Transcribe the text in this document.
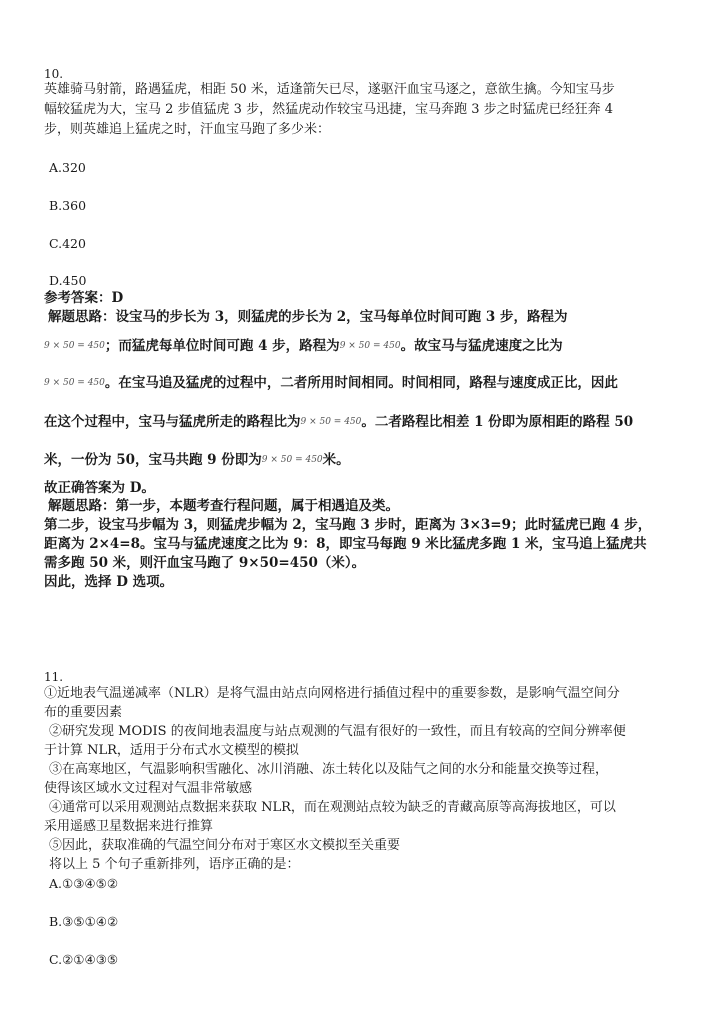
10.
英雄骑马射箭，路遇猛虎，相距 50 米，适逢箭矢已尽，遂驱汗血宝马逐之，意欲生擒。今知宝马步
幅较猛虎为大，宝马 2 步值猛虎 3 步，然猛虎动作较宝马迅捷，宝马奔跑 3 步之时猛虎已经狂奔 4
步，则英雄追上猛虎之时，汗血宝马跑了多少米：
A.320
B.360
C.420
D.450
参考答案：D
解题思路：设宝马的步长为 3，则猛虎的步长为 2，宝马每单位时间可跑 3 步，路程为
9 × 50 = 450；而猛虎每单位时间可跑 4 步，路程为9 × 50 = 450。故宝马与猛虎速度之比为
9 × 50 = 450。在宝马追及猛虎的过程中，二者所用时间相同。时间相同，路程与速度成正比，因此
在这个过程中，宝马与猛虎所走的路程比为9 × 50 = 450。二者路程比相差 1 份即为原相距的路程 50
米，一份为 50，宝马共跑 9 份即为9 × 50 = 450米。
故正确答案为 D。
解题思路：第一步，本题考查行程问题，属于相遇追及类。
第二步，设宝马步幅为 3，则猛虎步幅为 2，宝马跑 3 步时，距离为 3×3=9；此时猛虎已跑 4 步，
距离为 2×4=8。宝马与猛虎速度之比为 9：8，即宝马每跑 9 米比猛虎多跑 1 米，宝马追上猛虎共
需多跑 50 米，则汗血宝马跑了 9×50=450（米）。
因此，选择 D 选项。
11.
①近地表气温递减率（NLR）是将气温由站点向网格进行插值过程中的重要参数，是影响气温空间分
布的重要因素
②研究发现 MODIS 的夜间地表温度与站点观测的气温有很好的一致性，而且有较高的空间分辨率便
于计算 NLR，适用于分布式水文模型的模拟
③在高寒地区，气温影响积雪融化、冰川消融、冻土转化以及陆气之间的水分和能量交换等过程，
使得该区域水文过程对气温非常敏感
④通常可以采用观测站点数据来获取 NLR，而在观测站点较为缺乏的青藏高原等高海拔地区，可以
采用遥感卫星数据来进行推算
⑤因此，获取准确的气温空间分布对于寒区水文模拟至关重要
将以上 5 个句子重新排列，语序正确的是：
A.①③④⑤②
B.③⑤①④②
C.②①④③⑤
